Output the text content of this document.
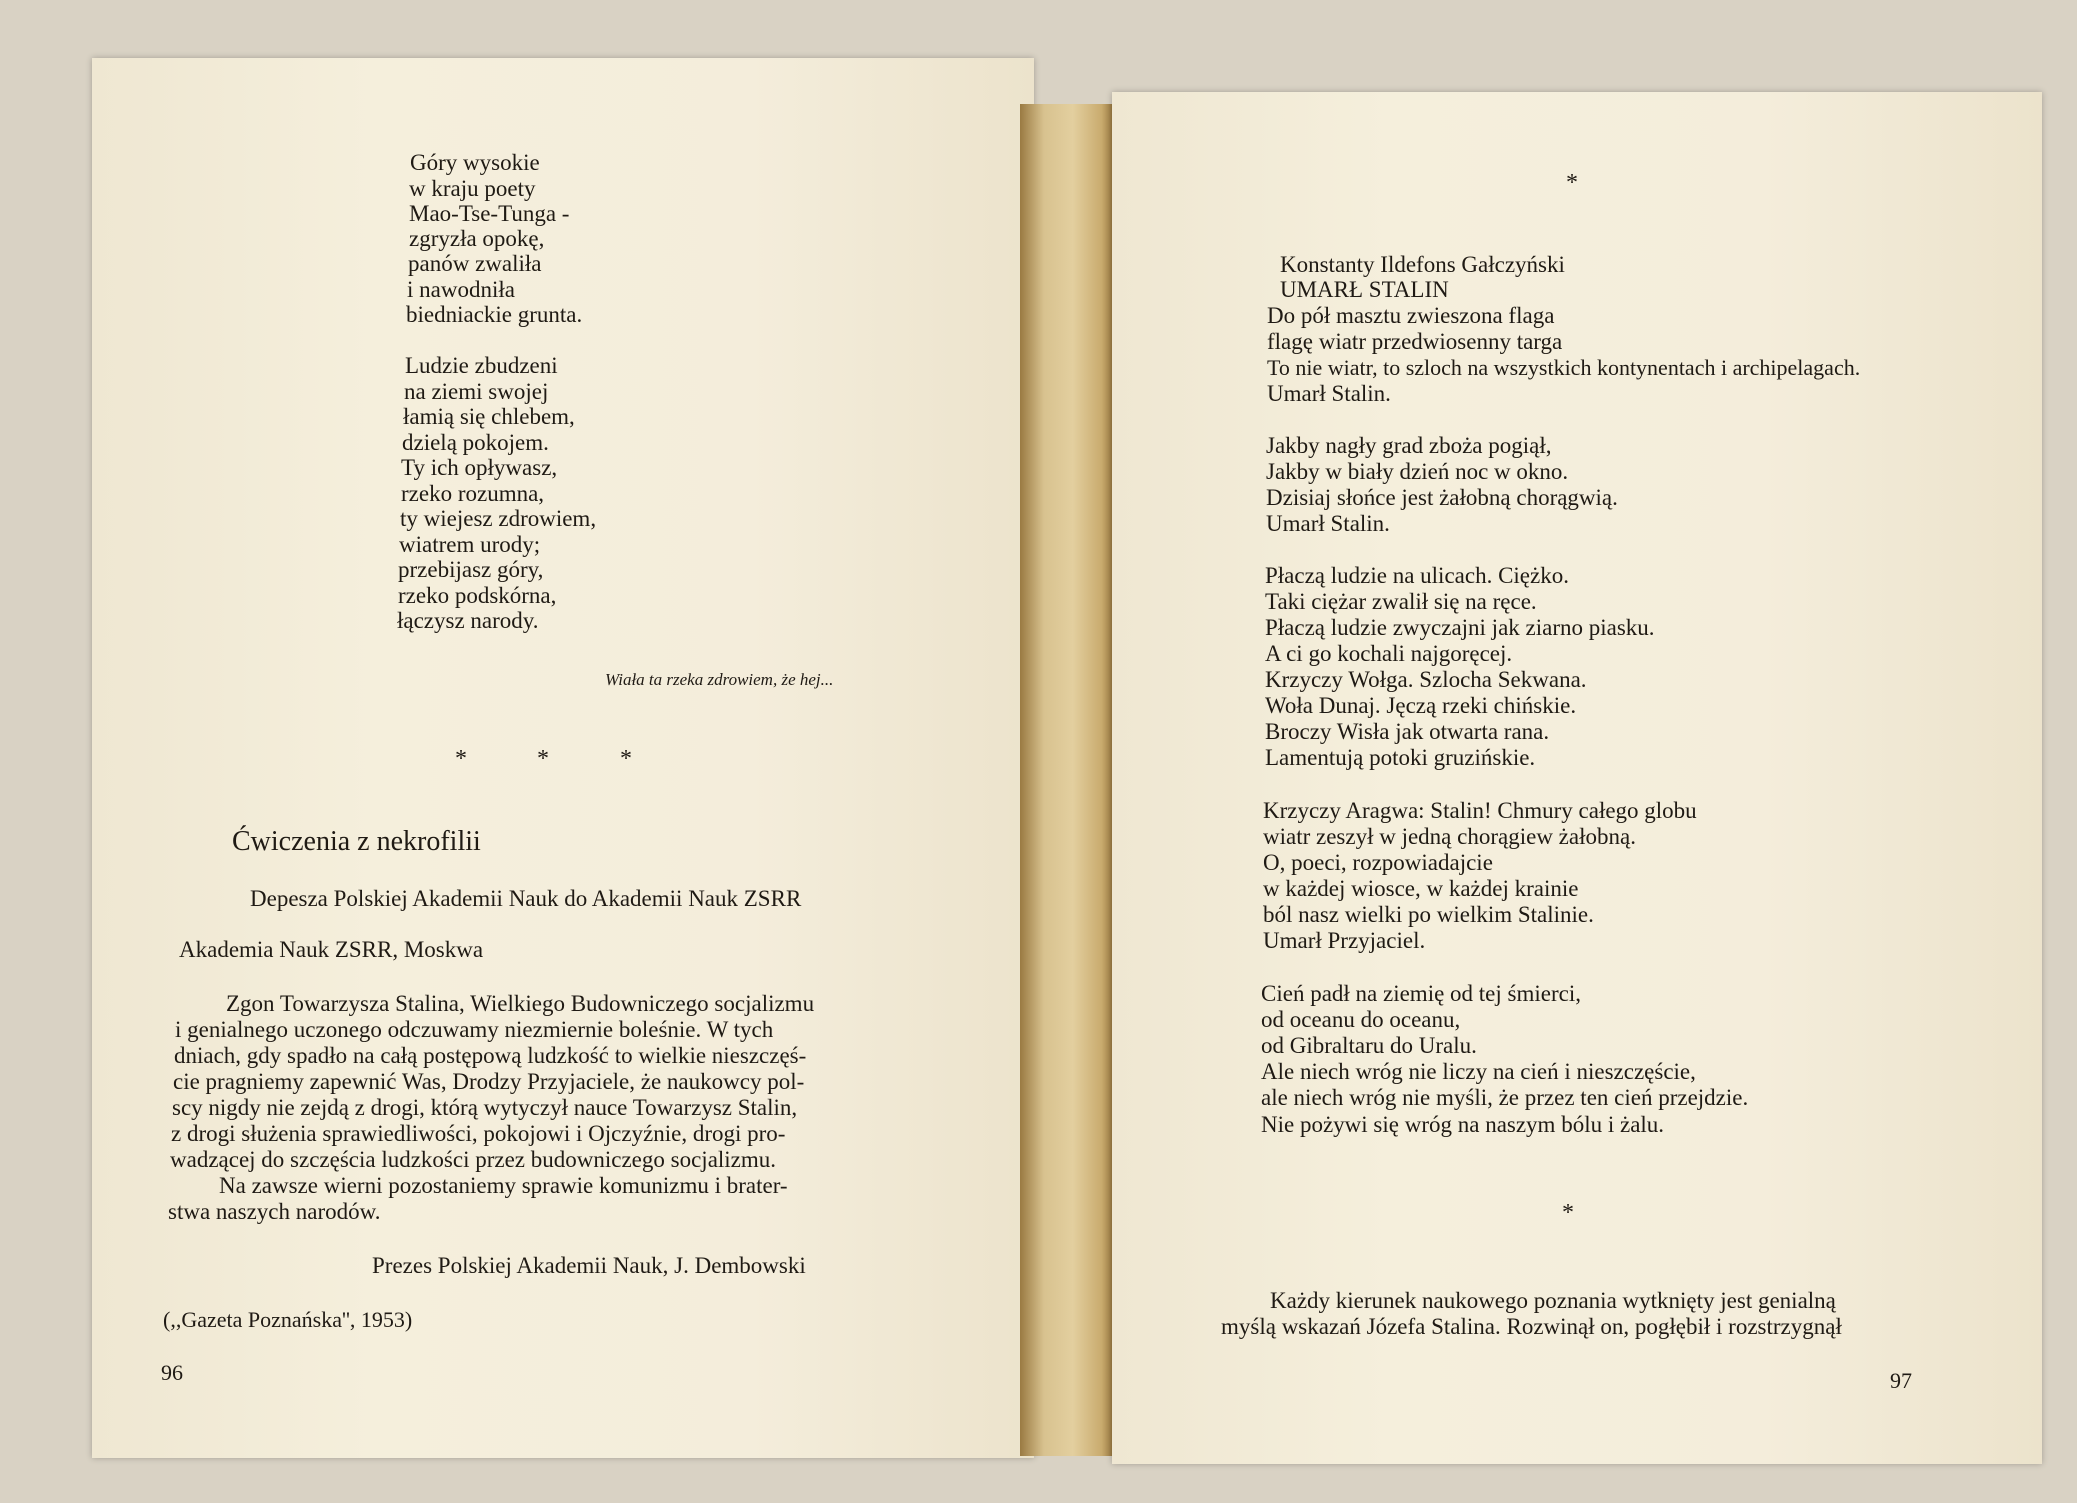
Góry wysokie
w kraju poety
Mao-Tse-Tunga -
zgryzła opokę,
panów zwaliła
i nawodniła
biedniackie grunta.
Ludzie zbudzeni
na ziemi swojej
łamią się chlebem,
dzielą pokojem.
Ty ich opływasz,
rzeko rozumna,
ty wiejesz zdrowiem,
wiatrem urody;
przebijasz góry,
rzeko podskórna,
łączysz narody.
Wiała ta rzeka zdrowiem, że hej...
*	*	*
Ćwiczenia z nekrofilii
Depesza Polskiej Akademii Nauk do Akademii Nauk ZSRR
Akademia Nauk ZSRR, Moskwa
Zgon Towarzysza Stalina, Wielkiego Budowniczego socjalizmu
i genialnego uczonego odczuwamy niezmiernie boleśnie. W tych
dniach, gdy spadło na całą postępową ludzkość to wielkie nieszczęś-
cie pragniemy zapewnić Was, Drodzy Przyjaciele, że naukowcy pol-
scy nigdy nie zejdą z drogi, którą wytyczył nauce Towarzysz Stalin,
z drogi służenia sprawiedliwości, pokojowi i Ojczyźnie, drogi pro-
wadzącej do szczęścia ludzkości przez budowniczego socjalizmu.
Na zawsze wierni pozostaniemy sprawie komunizmu i brater-
stwa naszych narodów.
Prezes Polskiej Akademii Nauk, J. Dembowski
(,,Gazeta Poznańska'', 1953)
96
*
Konstanty Ildefons Gałczyński
UMARŁ STALIN
Do pół masztu zwieszona flaga
flagę wiatr przedwiosenny targa
To nie wiatr, to szloch na wszystkich kontynentach i archipelagach.
Umarł Stalin.
Jakby nagły grad zboża pogiął,
Jakby w biały dzień noc w okno.
Dzisiaj słońce jest żałobną chorągwią.
Umarł Stalin.
Płaczą ludzie na ulicach. Ciężko.
Taki ciężar zwalił się na ręce.
Płaczą ludzie zwyczajni jak ziarno piasku.
A ci go kochali najgoręcej.
Krzyczy Wołga. Szlocha Sekwana.
Woła Dunaj. Jęczą rzeki chińskie.
Broczy Wisła jak otwarta rana.
Lamentują potoki gruzińskie.
Krzyczy Aragwa: Stalin! Chmury całego globu
wiatr zeszył w jedną chorągiew żałobną.
O, poeci, rozpowiadajcie
w każdej wiosce, w każdej krainie
ból nasz wielki po wielkim Stalinie.
Umarł Przyjaciel.
Cień padł na ziemię od tej śmierci,
od oceanu do oceanu,
od Gibraltaru do Uralu.
Ale niech wróg nie liczy na cień i nieszczęście,
ale niech wróg nie myśli, że przez ten cień przejdzie.
Nie pożywi się wróg na naszym bólu i żalu.
*
Każdy kierunek naukowego poznania wytknięty jest genialną
myślą wskazań Józefa Stalina. Rozwinął on, pogłębił i rozstrzygnął
97
